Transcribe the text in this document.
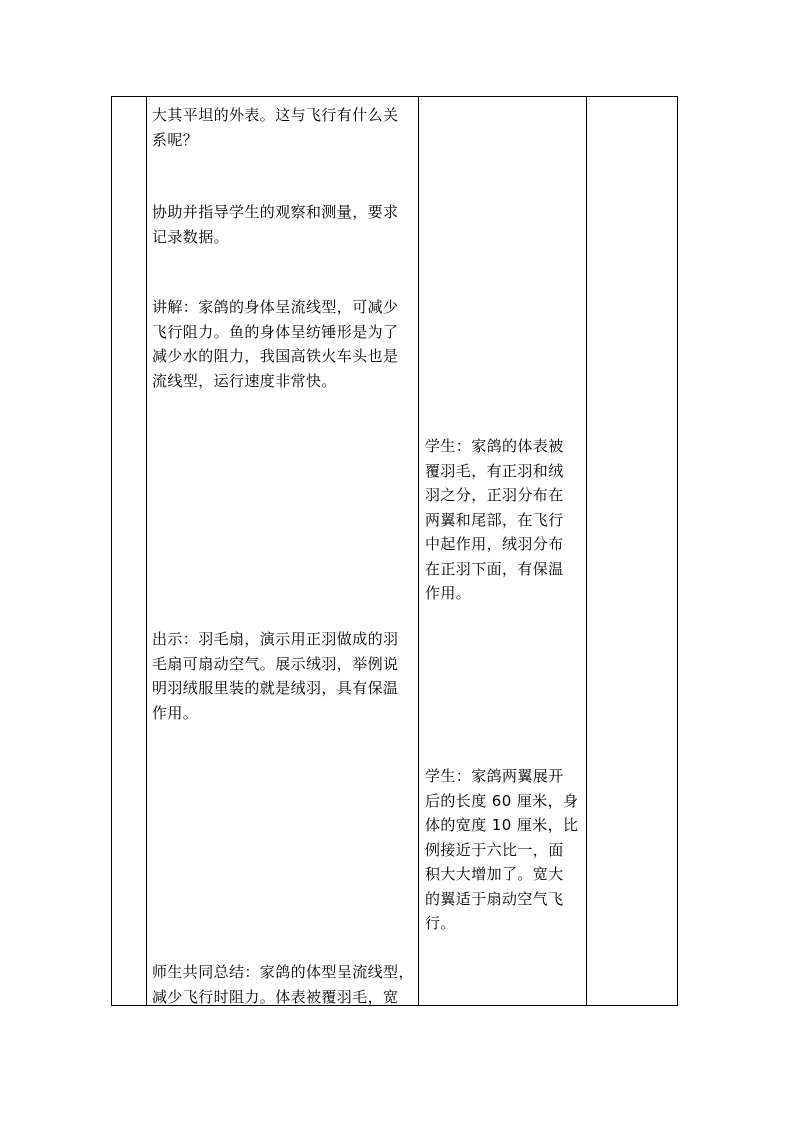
大其平坦的外表。这与飞行有什么关
系呢？

协助并指导学生的观察和测量，要求
记录数据。

讲解：家鸽的身体呈流线型，可减少
飞行阻力。鱼的身体呈纺锤形是为了
减少水的阻力，我国高铁火车头也是
流线型，运行速度非常快。

出示：羽毛扇，演示用正羽做成的羽
毛扇可扇动空气。展示绒羽，举例说
明羽绒服里装的就是绒羽，具有保温
作用。

师生共同总结：家鸽的体型呈流线型，
减少飞行时阻力。体表被覆羽毛，宽

学生：家鸽的体表被
覆羽毛，有正羽和绒
羽之分，正羽分布在
两翼和尾部，在飞行
中起作用，绒羽分布
在正羽下面，有保温
作用。

学生：家鸽两翼展开
后的长度 60 厘米，身
体的宽度 10 厘米，比
例接近于六比一，面
积大大增加了。宽大
的翼适于扇动空气飞
行。
